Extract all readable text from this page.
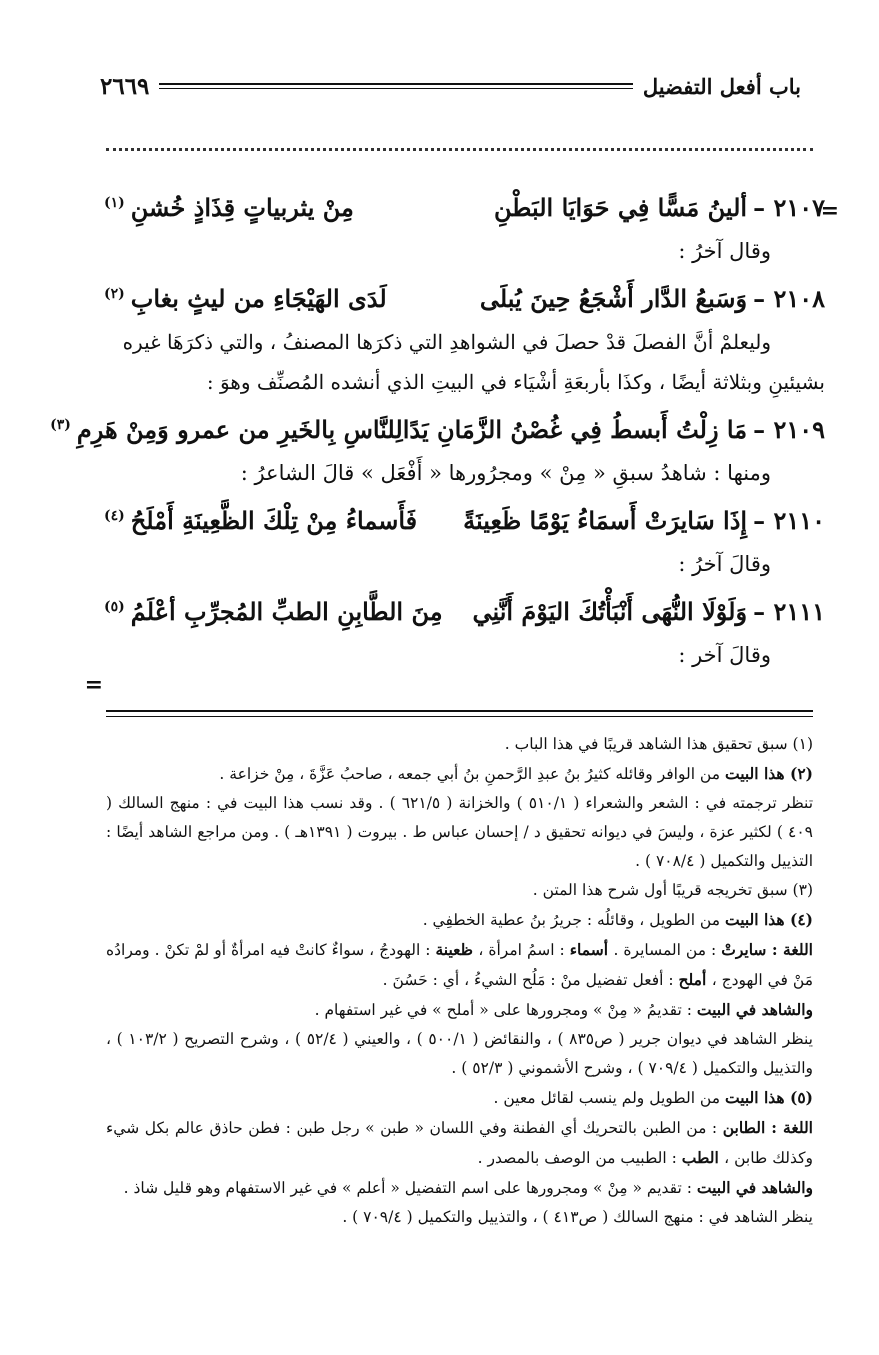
باب أفعل التفضيل
٢٦٦٩
=
=
٢١٠٧ –
ألينُ مَسًّا فِي حَوَايَا البَطْنِ
مِنْ يثربياتٍ قِذَاذٍ خُشنِ$^{(١)}$
وقال آخرُ :
٢١٠٨ –
وَسَبعُ الدَّار أَشْجَعُ حِينَ يُبلَى
لَدَى الهَيْجَاءِ من ليثٍ بغابِ$^{(٢)}$
وليعلمْ أنَّ الفصلَ قدْ حصلَ في الشواهدِ التي ذكرَها المصنفُ ، والتي ذكرَهَا غيره
بشيئينِ وبثلاثة أيضًا ، وكذَا بأربعَةِ أشْيَاء في البيتِ الذي أنشده المُصنِّف وهوَ :
٢١٠٩ –
مَا زِلْتُ أَبسطُ فِي غُصْنُ الزَّمَانِ يَدًا
لِلنَّاسِ بِالخَيرِ من عمرو وَمِنْ هَرِمِ$^{(٣)}$
ومنها : شاهدُ سبقِ « مِنْ » ومجرُورها « أَفْعَل » قالَ الشاعرُ :
٢١١٠ –
إِذَا سَايرَتْ أَسمَاءُ يَوْمًا ظَعِينَةً
فَأَسماءُ مِنْ تِلْكَ الظَّعِينَةِ أَمْلَحُ$^{(٤)}$
وقالَ آخرُ :
٢١١١ –
وَلَوْلَا النُّهَى أَنْبَأْتُكَ اليَوْمَ أَنَّنِي
مِنَ الطَّابِنِ الطبِّ المُجرِّبِ أعْلَمُ$^{(٥)}$
وقالَ آخر :

(١) سبق تحقيق هذا الشاهد قريبًا في هذا الباب .

(٢) هذا البيت من الوافر وقائله كثيرُ بنُ عبدِ الرَّحمنِ بنُ أبي جمعه ، صاحبُ عَزَّةَ ، مِنْ خزاعة .

تنظر ترجمته في : الشعر والشعراء ( ٥١٠/١ ) والخزانة ( ٦٢١/٥ ) . وقد نسب هذا البيت في : منهج السالك ( ٤٠٩ ) لكثير عزة ، وليسَ في ديوانه تحقيق د / إحسان عباس ط . بيروت ( ١٣٩١هـ ) . ومن مراجع الشاهد أيضًا : التذييل والتكميل ( ٧٠٨/٤ ) .

(٣) سبق تخريجه قريبًا أول شرح هذا المتن .

(٤) هذا البيت من الطويل ، وقائلُه : جريرُ بنُ عطية الخطفِي .

اللغة : سايرتْ : من المسايرة . أسماء : اسمُ امرأة ، ظعينة : الهودجُ ، سواءٌ كانتْ فيه امرأةٌ أو لمْ تكنْ . ومرادُه مَنْ في الهودج ، أملح : أفعل تفضيل منْ : مَلُح الشيءُ ، أي : حَسُنَ .

والشاهد في البيت : تقديمُ « مِنْ » ومجرورها على « أملح » في غير استفهام .

ينظر الشاهد في ديوان جرير ( ص٨٣٥ ) ، والنقائض ( ٥٠٠/١ ) ، والعيني ( ٥٢/٤ ) ، وشرح التصريح ( ١٠٣/٢ ) ، والتذييل والتكميل ( ٧٠٩/٤ ) ، وشرح الأشموني ( ٥٢/٣ ) .

(٥) هذا البيت من الطويل ولم ينسب لقائل معين .

اللغة : الطابن : من الطبن بالتحريك أي الفطنة وفي اللسان « طبن » رجل طبن : فطن حاذق عالم بكل شيء وكذلك طابن ، الطب : الطبيب من الوصف بالمصدر .

والشاهد في البيت : تقديم « مِنْ » ومجرورها على اسم التفضيل « أعلم » في غير الاستفهام وهو قليل شاذ .

ينظر الشاهد في : منهج السالك ( ص٤١٣ ) ، والتذييل والتكميل ( ٧٠٩/٤ ) .
